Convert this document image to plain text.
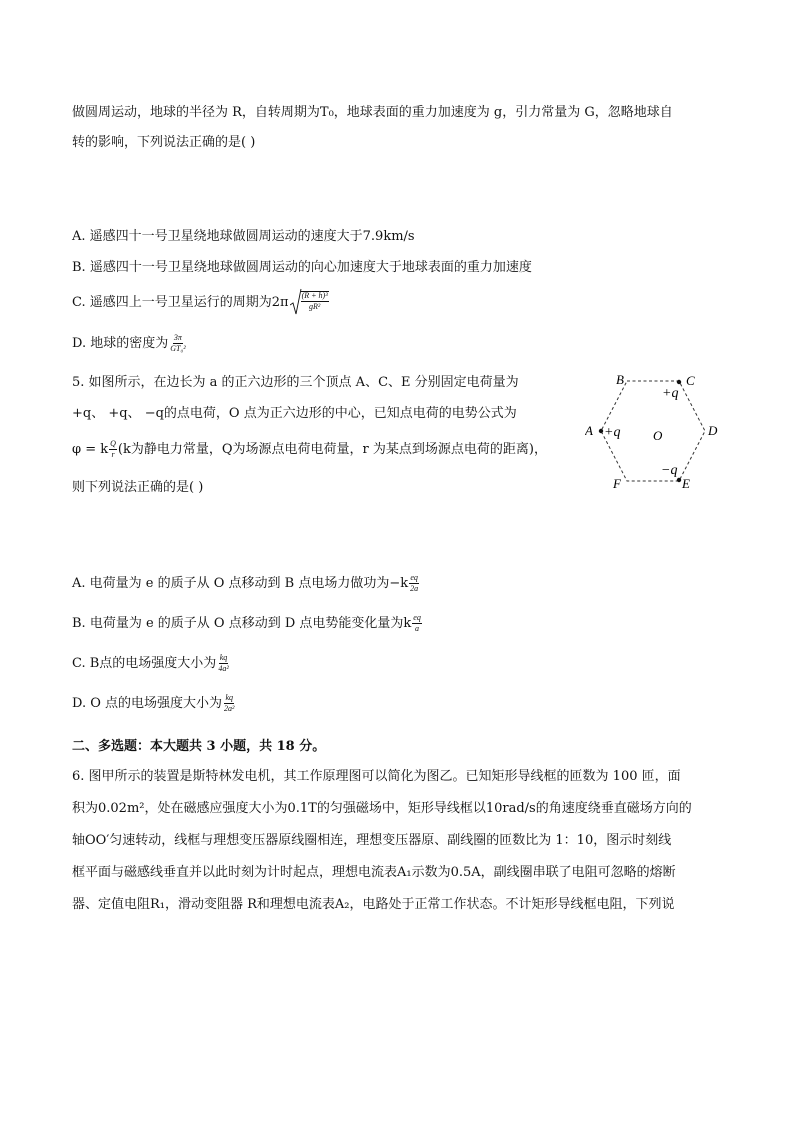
做圆周运动，地球的半径为 R，自转周期为T₀，地球表面的重力加速度为 g，引力常量为 G，忽略地球自
转的影响，下列说法正确的是( )
A. 遥感四十一号卫星绕地球做圆周运动的速度大于7.9km/s
B. 遥感四十一号卫星绕地球做圆周运动的向心加速度大于地球表面的重力加速度
C. 遥感四上一号卫星运行的周期为$2\pi \frac{\text{(R + h)³}}{\text{gR²}}$
D. 地球的密度为 $\frac{3\pi}{\text{GT₀²}}$
5. 如图所示，在边长为 a 的正六边形的三个顶点 A、C、E 分别固定电荷量为
+q、 +q、 −q的点电荷，O 点为正六边形的中心，已知点电荷的电势公式为
φ = k $\frac{Q}{r} (k$为静电力常量，Q为场源点电荷电荷量，r 为某点到场源点电荷的距离)，
则下列说法正确的是( )
B	C
A	D
F	E
O
+q
+q
−q
A. 电荷量为 e 的质子从 O 点移动到 B 点电场力做功为$-k \frac{eq}{2a}$
B. 电荷量为 e 的质子从 O 点移动到 D 点电势能变化量为k $\frac{eq}{a}$
C. B点的电场强度大小为 $\frac{kq}{\text{4a²}}$
D. O 点的电场强度大小为 $\frac{kq}{\text{2a²}}$
二、多选题：本大题共 3 小题，共 18 分。
6. 图甲所示的装置是斯特林发电机，其工作原理图可以简化为图乙。已知矩形导线框的匝数为 100 匝，面
积为0.02m²，处在磁感应强度大小为0.1T的匀强磁场中，矩形导线框以10rad/s的角速度绕垂直磁场方向的
轴OO′匀速转动，线框与理想变压器原线圈相连，理想变压器原、副线圈的匝数比为 1：10，图示时刻线
框平面与磁感线垂直并以此时刻为计时起点，理想电流表A₁示数为0.5A，副线圈串联了电阻可忽略的熔断
器、定值电阻R₁，滑动变阻器 R和理想电流表A₂，电路处于正常工作状态。不计矩形导线框电阻，下列说
